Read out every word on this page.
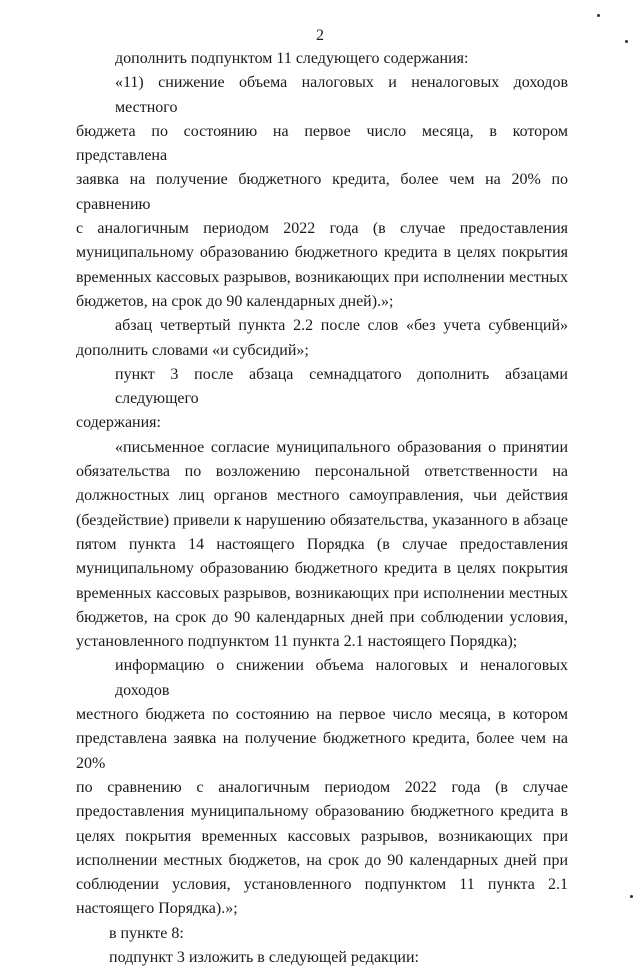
2

дополнить подпунктом 11 следующего содержания:

«11) снижение объема налоговых и неналоговых доходов местного
бюджета по состоянию на первое число месяца, в котором представлена
заявка на получение бюджетного кредита, более чем на 20% по сравнению
с аналогичным периодом 2022 года (в случае предоставления
муниципальному образованию бюджетного кредита в целях покрытия
временных кассовых разрывов, возникающих при исполнении местных
бюджетов, на срок до 90 календарных дней).»;

абзац четвертый пункта 2.2 после слов «без учета субвенций»
дополнить словами «и субсидий»;

пункт 3 после абзаца семнадцатого дополнить абзацами следующего
содержания:

«письменное согласие муниципального образования о принятии
обязательства по возложению персональной ответственности на
должностных лиц органов местного самоуправления, чьи действия
(бездействие) привели к нарушению обязательства, указанного в абзаце
пятом пункта 14 настоящего Порядка (в случае предоставления
муниципальному образованию бюджетного кредита в целях покрытия
временных кассовых разрывов, возникающих при исполнении местных
бюджетов, на срок до 90 календарных дней при соблюдении условия,
установленного подпунктом 11 пункта 2.1 настоящего Порядка);

информацию о снижении объема налоговых и неналоговых доходов
местного бюджета по состоянию на первое число месяца, в котором
представлена заявка на получение бюджетного кредита, более чем на 20%
по сравнению с аналогичным периодом 2022 года (в случае
предоставления муниципальному образованию бюджетного кредита в
целях покрытия временных кассовых разрывов, возникающих при
исполнении местных бюджетов, на срок до 90 календарных дней при
соблюдении условия, установленного подпунктом 11 пункта 2.1
настоящего Порядка).»;

в пункте 8:

подпункт 3 изложить в следующей редакции:
